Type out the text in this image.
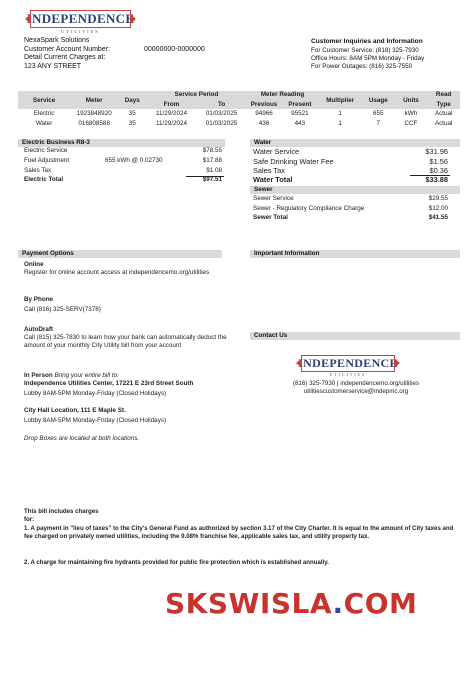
INDEPENDENCE
UTILITIES
NexaSpark Solutions
Customer Account Number:	00000000-0000000
Detail Current Charges at:
123 ANY STREET
Customer Inquiries and Information
For Customer Service: (818) 325-7930
Office Hours: 8AM 5PM Monday - Friday
For Power Outages: (816) 325-7550
Service	Meter	Days	Service Period		Meter Reading		Multiplier	Usage	Units	Read
			From	To	Previous	Present				Type
Electric	1923848920	35	11/29/2024	01/03/2025	94966	95521	1	655	kWh	Actual
Water	016808588	35	11/29/2024	01/03/2025	436	443	1	7	CCF	Actual
Electric Business R8-3
Electric Service	$78.55
Fuel Adjustment	655 kWh @ 0.02730	$17.88
Sales Tax	$1.08
Electric Total	$97.51
Water
Water Service	$31.96
Safe Drinking Water Fee	$1.56
Sales Tax	$0.36
Water Total	$33.88
Sewer
Sewer Service	$29.55
Sewer - Regulatory Compliance Charge	$12.00
Sewer Total	$41.55
Payment Options
Online
Register for online account access at independencemo.org/utilities
By Phone
Call (816) 325-SERV(7378)
AutoDraft
Call (815) 325-7830 to learn how your bank can automatically deduct the amount of your monthly City Utility bill from your account
In Person Bring your entire bill to:
Independence Utilities Center, 17221 E 23rd Street South
Lobby 8AM-5PM Monday-Friday (Closed Holidays)
City Hall Location, 111 E Maple St.
Lobby 8AM-5PM Monday-Friday (Closed Holidays)
Drop Boxes are located at both locations.
Important Information
Contact Us
INDEPENDENCE
UTILITIES
(816) 325-7930 | independencemo.org/utilities
utilitiescustomerservice@indepmc.org
This bill includes charges
for:
1. A payment in "lieu of taxes" to the City's General Fund as authorized by section 3.17 of the City Charter. It is equal to the amount of City taxes and fee charged on privately owned utilities, including the 9.08% franchise fee, applicable sales tax, and utility property tax.
2. A charge for maintaining fire hydrants provided for public fire protection which is established annually.
SKSWISLA.COM
